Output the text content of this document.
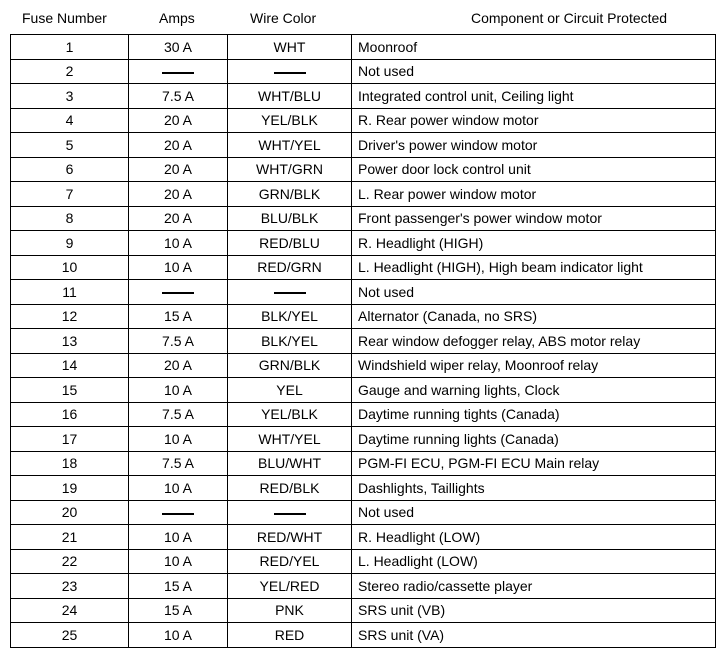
Fuse Number	Amps	Wire Color	Component or Circuit Protected
1	30 A	WHT	Moonroof
2			Not used
3	7.5 A	WHT/BLU	Integrated control unit, Ceiling light
4	20 A	YEL/BLK	R. Rear power window motor
5	20 A	WHT/YEL	Driver's power window motor
6	20 A	WHT/GRN	Power door lock control unit
7	20 A	GRN/BLK	L. Rear power window motor
8	20 A	BLU/BLK	Front passenger's power window motor
9	10 A	RED/BLU	R. Headlight (HIGH)
10	10 A	RED/GRN	L. Headlight (HIGH), High beam indicator light
11			Not used
12	15 A	BLK/YEL	Alternator (Canada, no SRS)
13	7.5 A	BLK/YEL	Rear window defogger relay, ABS motor relay
14	20 A	GRN/BLK	Windshield wiper relay, Moonroof relay
15	10 A	YEL	Gauge and warning lights, Clock
16	7.5 A	YEL/BLK	Daytime running tights (Canada)
17	10 A	WHT/YEL	Daytime running lights (Canada)
18	7.5 A	BLU/WHT	PGM-FI ECU, PGM-FI ECU Main relay
19	10 A	RED/BLK	Dashlights, Taillights
20			Not used
21	10 A	RED/WHT	R. Headlight (LOW)
22	10 A	RED/YEL	L. Headlight (LOW)
23	15 A	YEL/RED	Stereo radio/cassette player
24	15 A	PNK	SRS unit (VB)
25	10 A	RED	SRS unit (VA)
